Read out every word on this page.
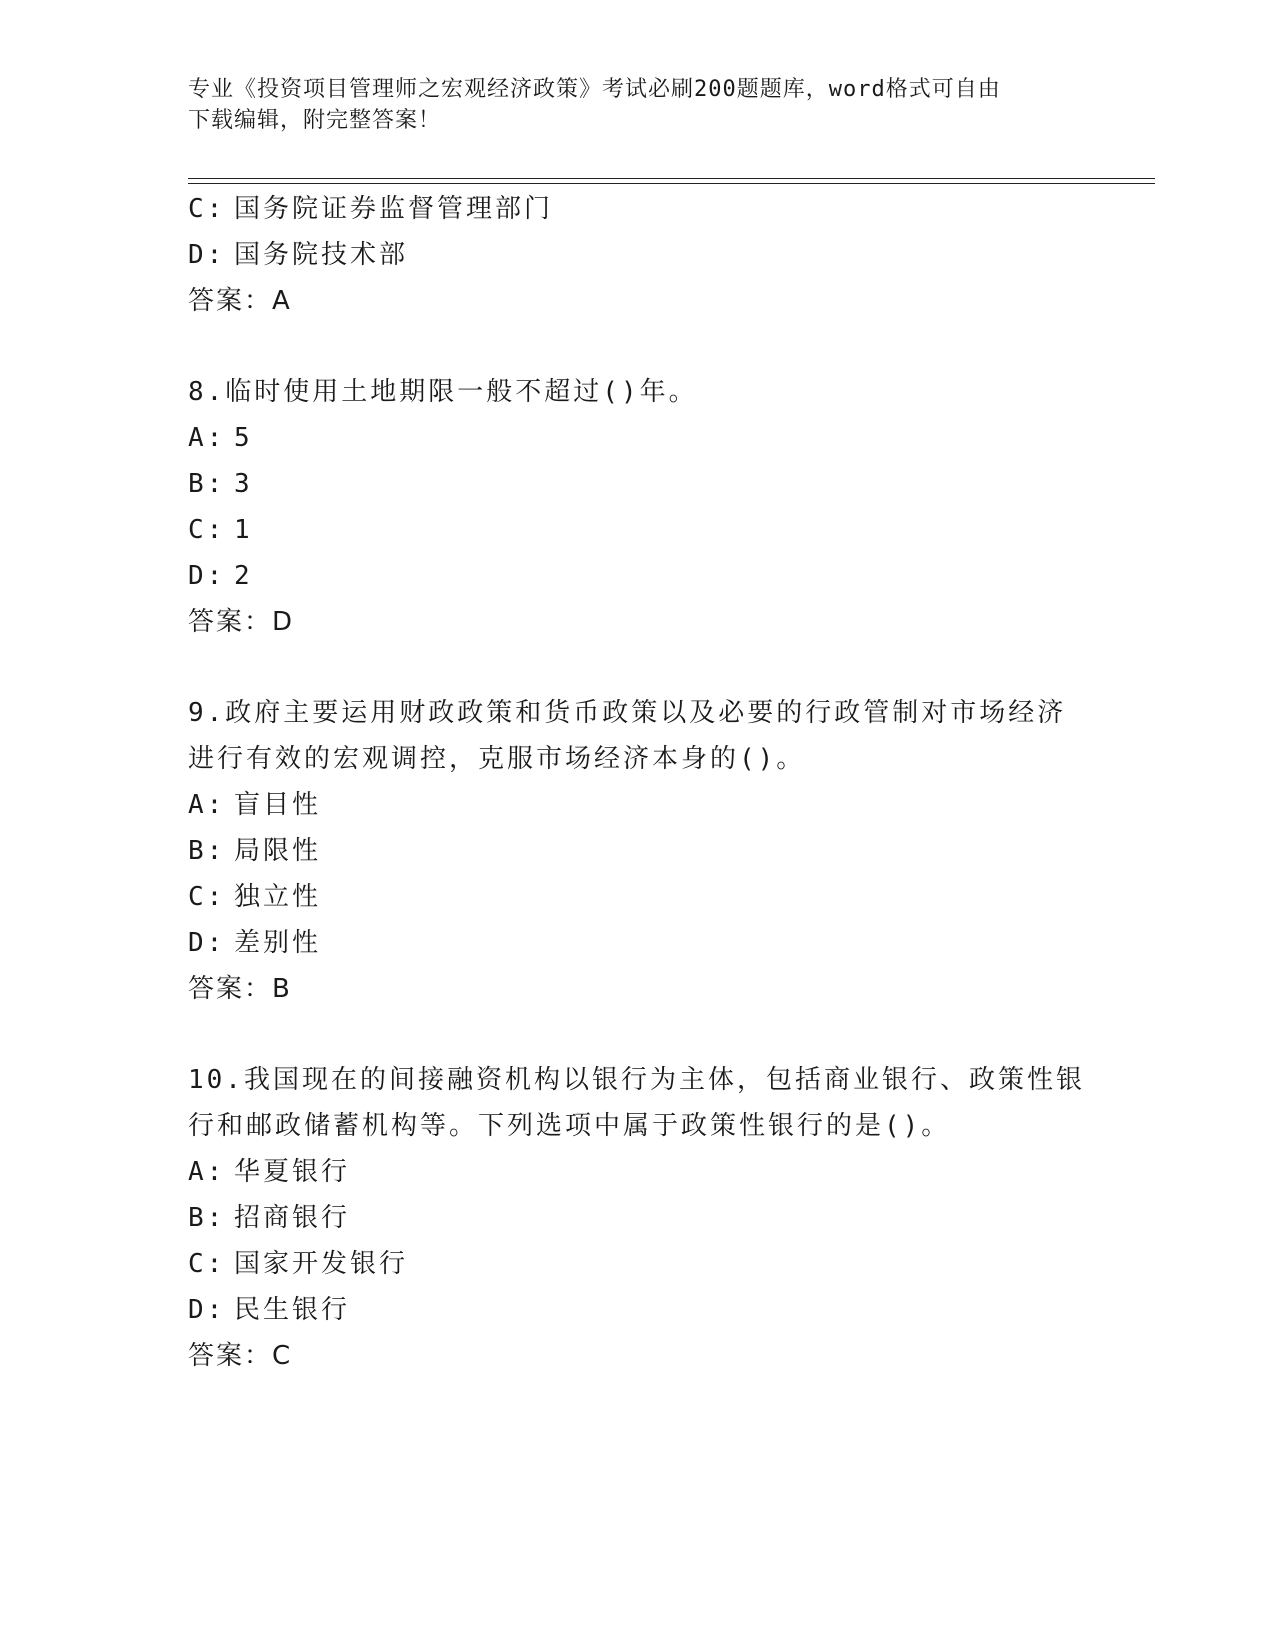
专业《投资项目管理师之宏观经济政策》考试必刷200题题库，word格式可自由
下载编辑，附完整答案！
C: 国务院证券监督管理部门
D: 国务院技术部
答案：A
8.临时使用土地期限一般不超过()年。
A: 5
B: 3
C: 1
D: 2
答案：D
9.政府主要运用财政政策和货币政策以及必要的行政管制对市场经济
进行有效的宏观调控，克服市场经济本身的()。
A: 盲目性
B: 局限性
C: 独立性
D: 差别性
答案：B
10.我国现在的间接融资机构以银行为主体，包括商业银行、政策性银
行和邮政储蓄机构等。下列选项中属于政策性银行的是()。
A: 华夏银行
B: 招商银行
C: 国家开发银行
D: 民生银行
答案：C
